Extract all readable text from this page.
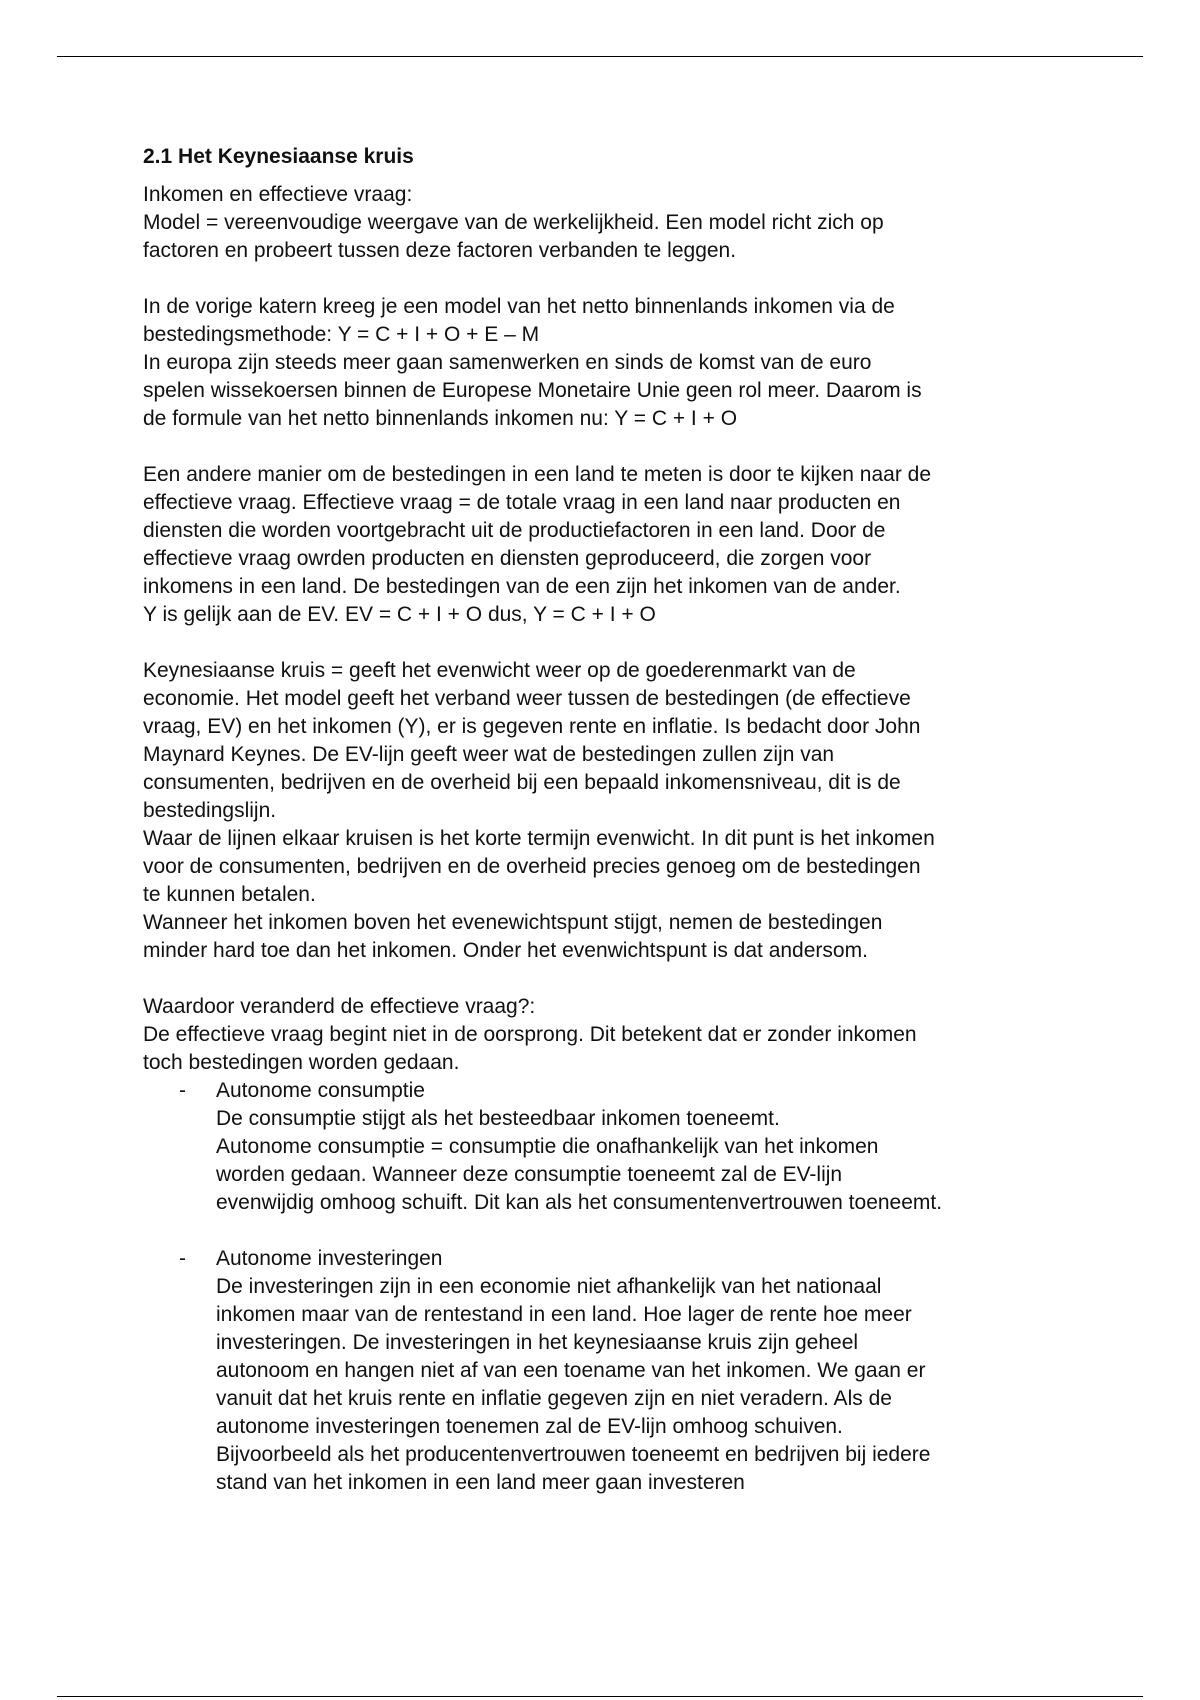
2.1 Het Keynesiaanse kruis

Inkomen en effectieve vraag:

Model = vereenvoudige weergave van de werkelijkheid. Een model richt zich op

factoren en probeert tussen deze factoren verbanden te leggen.

In de vorige katern kreeg je een model van het netto binnenlands inkomen via de

bestedingsmethode: Y = C + I + O + E – M

In europa zijn steeds meer gaan samenwerken en sinds de komst van de euro

spelen wissekoersen binnen de Europese Monetaire Unie geen rol meer. Daarom is

de formule van het netto binnenlands inkomen nu: Y = C + I + O

Een andere manier om de bestedingen in een land te meten is door te kijken naar de

effectieve vraag. Effectieve vraag = de totale vraag in een land naar producten en

diensten die worden voortgebracht uit de productiefactoren in een land. Door de

effectieve vraag owrden producten en diensten geproduceerd, die zorgen voor

inkomens in een land. De bestedingen van de een zijn het inkomen van de ander.

Y is gelijk aan de EV. EV = C + I + O dus, Y = C + I + O

Keynesiaanse kruis = geeft het evenwicht weer op de goederenmarkt van de

economie. Het model geeft het verband weer tussen de bestedingen (de effectieve

vraag, EV) en het inkomen (Y), er is gegeven rente en inflatie. Is bedacht door John

Maynard Keynes. De EV-lijn geeft weer wat de bestedingen zullen zijn van

consumenten, bedrijven en de overheid bij een bepaald inkomensniveau, dit is de

bestedingslijn.

Waar de lijnen elkaar kruisen is het korte termijn evenwicht. In dit punt is het inkomen

voor de consumenten, bedrijven en de overheid precies genoeg om de bestedingen

te kunnen betalen.

Wanneer het inkomen boven het evenewichtspunt stijgt, nemen de bestedingen

minder hard toe dan het inkomen. Onder het evenwichtspunt is dat andersom.

Waardoor veranderd de effectieve vraag?:

De effectieve vraag begint niet in de oorsprong. Dit betekent dat er zonder inkomen

toch bestedingen worden gedaan.

- Autonome consumptie

De consumptie stijgt als het besteedbaar inkomen toeneemt.

Autonome consumptie = consumptie die onafhankelijk van het inkomen

worden gedaan. Wanneer deze consumptie toeneemt zal de EV-lijn

evenwijdig omhoog schuift. Dit kan als het consumentenvertrouwen toeneemt.

- Autonome investeringen

De investeringen zijn in een economie niet afhankelijk van het nationaal

inkomen maar van de rentestand in een land. Hoe lager de rente hoe meer

investeringen. De investeringen in het keynesiaanse kruis zijn geheel

autonoom en hangen niet af van een toename van het inkomen. We gaan er

vanuit dat het kruis rente en inflatie gegeven zijn en niet veradern. Als de

autonome investeringen toenemen zal de EV-lijn omhoog schuiven.

Bijvoorbeeld als het producentenvertrouwen toeneemt en bedrijven bij iedere

stand van het inkomen in een land meer gaan investeren
